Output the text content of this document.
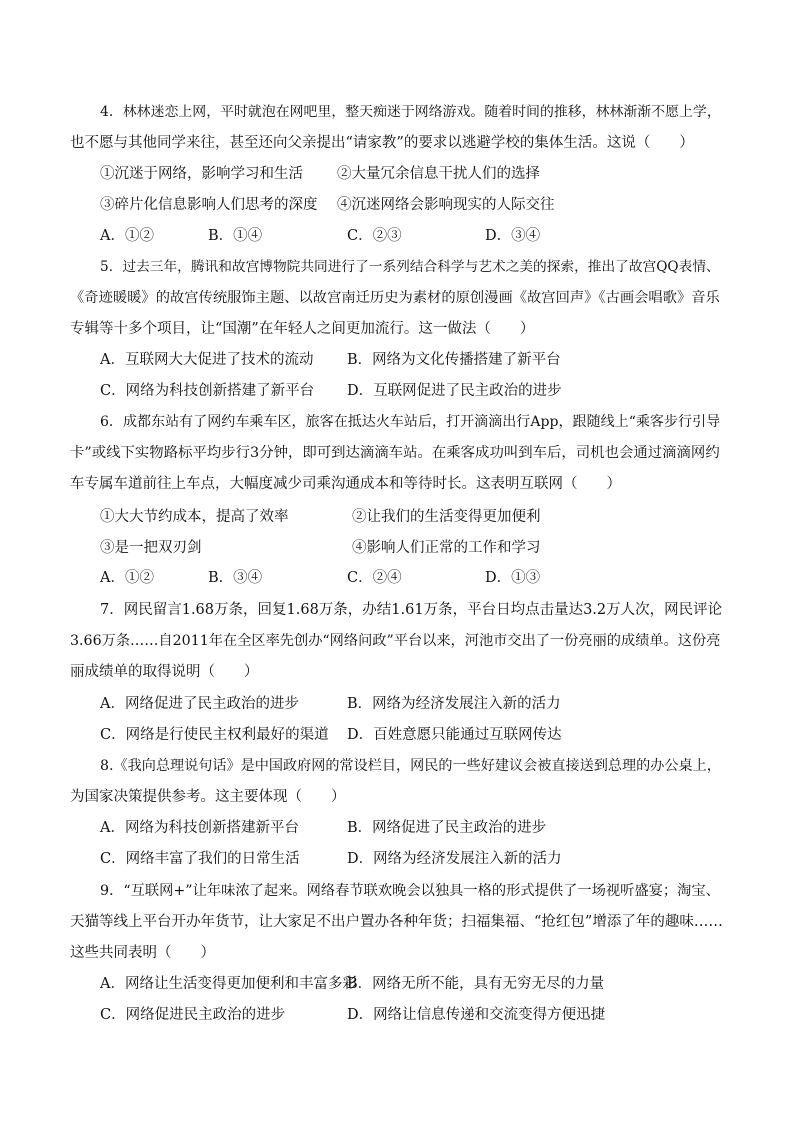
4．林林迷恋上网，平时就泡在网吧里，整天痴迷于网络游戏。随着时间的推移，林林渐渐不愿上学，
也不愿与其他同学来往，甚至还向父亲提出“请家教”的要求以逃避学校的集体生活。这说（　　）
①沉迷于网络，影响学习和生活 ②大量冗余信息干扰人们的选择
③碎片化信息影响人们思考的深度 ④沉迷网络会影响现实的人际交往
A．①②	B．①④	C．②③	D．③④
5．过去三年，腾讯和故宫博物院共同进行了一系列结合科学与艺术之美的探索，推出了故宫QQ表情、
《奇迹暖暖》的故宫传统服饰主题、以故宫南迁历史为素材的原创漫画《故宫回声》《古画会唱歌》音乐
专辑等十多个项目，让“国潮”在年轻人之间更加流行。这一做法（　　）
A．互联网大大促进了技术的流动 B．网络为文化传播搭建了新平台
C．网络为科技创新搭建了新平台 D．互联网促进了民主政治的进步
6．成都东站有了网约车乘车区，旅客在抵达火车站后，打开滴滴出行App，跟随线上“乘客步行引导
卡”或线下实物路标平均步行3分钟，即可到达滴滴车站。在乘客成功叫到车后，司机也会通过滴滴网约
车专属车道前往上车点，大幅度减少司乘沟通成本和等待时长。这表明互联网（　　）
①大大节约成本，提高了效率	②让我们的生活变得更加便利
③是一把双刃剑	④影响人们正常的工作和学习
A．①②	B．③④	C．②④	D．①③
7．网民留言1.68万条，回复1.68万条，办结1.61万条，平台日均点击量达3.2万人次，网民评论
3.66万条……自2011年在全区率先创办“网络问政”平台以来，河池市交出了一份亮丽的成绩单。这份亮
丽成绩单的取得说明（　　）
A．网络促进了民主政治的进步	B．网络为经济发展注入新的活力
C．网络是行使民主权利最好的渠道 D．百姓意愿只能通过互联网传达
8.《我向总理说句话》是中国政府网的常设栏目，网民的一些好建议会被直接送到总理的办公桌上，
为国家决策提供参考。这主要体现（　　）
A．网络为科技创新搭建新平台	B．网络促进了民主政治的进步
C．网络丰富了我们的日常生活	D．网络为经济发展注入新的活力
9．“互联网+”让年味浓了起来。网络春节联欢晚会以独具一格的形式提供了一场视听盛宴；淘宝、
天猫等线上平台开办年货节，让大家足不出户置办各种年货；扫福集福、“抢红包”增添了年的趣味……
这些共同表明（　　）
A．网络让生活变得更加便利和丰富多彩
B．网络无所不能，具有无穷无尽的力量
C．网络促进民主政治的进步	D．网络让信息传递和交流变得方便迅捷
